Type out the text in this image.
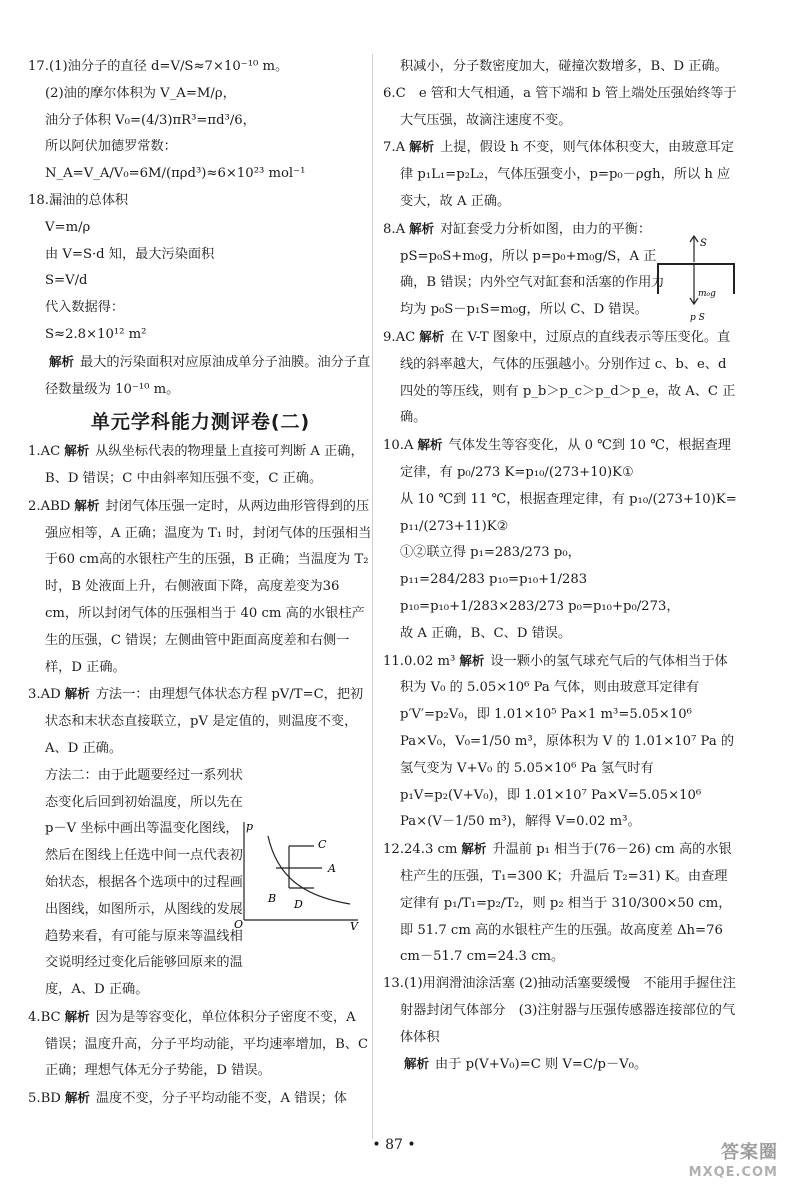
17.(1)油分子的直径 d=V/S≈7×10⁻¹⁰ m。

(2)油的摩尔体积为 V_A=M/ρ，

油分子体积 V₀=(4/3)πR³=πd³/6，

所以阿伏加德罗常数：

N_A=V_A/V₀=6M/(πρd³)≈6×10²³ mol⁻¹

18.漏油的总体积

V=m/ρ

由 V=S·d 知，最大污染面积

S=V/d

代入数据得：

S≈2.8×10¹² m²

解析 最大的污染面积对应原油成单分子油膜。油分子直径数量级为 10⁻¹⁰ m。

单元学科能力测评卷(二)

1.AC 解析 从纵坐标代表的物理量上直接可判断 A 正确，B、D 错误；C 中由斜率知压强不变，C 正确。

2.ABD 解析 封闭气体压强一定时，从两边曲形管得到的压强应相等，A 正确；温度为 T₁ 时，封闭气体的压强相当于60 cm高的水银柱产生的压强，B 正确；当温度为 T₂ 时，B 处液面上升，右侧液面下降，高度差变为36 cm，所以封闭气体的压强相当于 40 cm 高的水银柱产生的压强，C 错误；左侧曲管中距面高度差和右侧一样，D 正确。

3.AD 解析 方法一：由理想气体状态方程 pV/T=C，把初状态和末状态直接联立，pV 是定值的，则温度不变，A、D 正确。

方法二：由于此题要经过一系列状态变化后回到初始温度，所以先在 p－V 坐标中画出等温变化图线，然后在图线上任选中间一点代表初始状态，根据各个选项中的过程画出图线，如图所示，从图线的发展趋势来看，有可能与原来等温线相交说明经过变化后能够回原来的温度，A、D 正确。

4.BC 解析 因为是等容变化，单位体积分子密度不变，A 错误；温度升高，分子平均动能，平均速率增加，B、C 正确；理想气体无分子势能，D 错误。

5.BD 解析 温度不变，分子平均动能不变，A 错误；体

p
C
B
A
D
O	V

积减小，分子数密度加大，碰撞次数增多，B、D 正确。

6.C　 e 管和大气相通，a 管下端和 b 管上端处压强始终等于大气压强，故滴注速度不变。

7.A 解析 上提，假设 h 不变，则气体体积变大，由玻意耳定律 p₁L₁=p₂L₂，气体压强变小，p=p₀－ρgh，所以 h 应变大，故 A 正确。

8.A 解析 对缸套受力分析如图，由力的平衡：pS=p₀S+m₀g，所以 p=p₀+m₀g/S，A 正确，B 错误；内外空气对缸套和活塞的作用力均为 p₀S－p₁S=m₀g，所以 C、D 错误。

9.AC 解析 在 V-T 图象中，过原点的直线表示等压变化。直线的斜率越大，气体的压强越小。分别作过 c、b、e、d 四处的等压线，则有 p_b＞p_c＞p_d＞p_e，故 A、C 正确。

10.A 解析 气体发生等容变化，从 0 ℃到 10 ℃，根据查理定律，有 p₀/273 K=p₁₀/(273+10)K①

从 10 ℃到 11 ℃，根据查理定律，有 p₁₀/(273+10)K=

p₁₁/(273+11)K②

①②联立得 p₁=283/273 p₀，

p₁₁=284/283 p₁₀=p₁₀+1/283 p₁₀=p₁₀+1/283×283/273 p₀=p₁₀+p₀/273，

故 A 正确，B、C、D 错误。

11.0.02 m³ 解析 设一颗小的氢气球充气后的气体相当于体积为 V₀ 的 5.05×10⁶ Pa 气体，则由玻意耳定律有 p′V′=p₂V₀，即 1.01×10⁵ Pa×1 m³=5.05×10⁶ Pa×V₀，V₀=1/50 m³，原体积为 V 的 1.01×10⁷ Pa 的氢气变为 V+V₀ 的 5.05×10⁶ Pa 氢气时有 p₁V=p₂(V+V₀)，即 1.01×10⁷ Pa×V=5.05×10⁶ Pa×(V－1/50 m³)，解得 V=0.02 m³。

12.24.3 cm 解析 升温前 p₁ 相当于(76－26) cm 高的水银柱产生的压强，T₁=300 K；升温后 T₂=31) K。由查理定律有 p₁/T₁=p₂/T₂，则 p₂ 相当于 310/300×50 cm，即 51.7 cm 高的水银柱产生的压强。故高度差 Δh=76 cm－51.7 cm=24.3 cm。

13.(1)用润滑油涂活塞 (2)抽动活塞要缓慢　不能用手握住注射器封闭气体部分　(3)注射器与压强传感器连接部位的气体体积

解析 由于 p(V+V₀)=C 则 V=C/p－V₀。

S
m₀g
p S
• 87 •	答案圈
MXQE.COM
